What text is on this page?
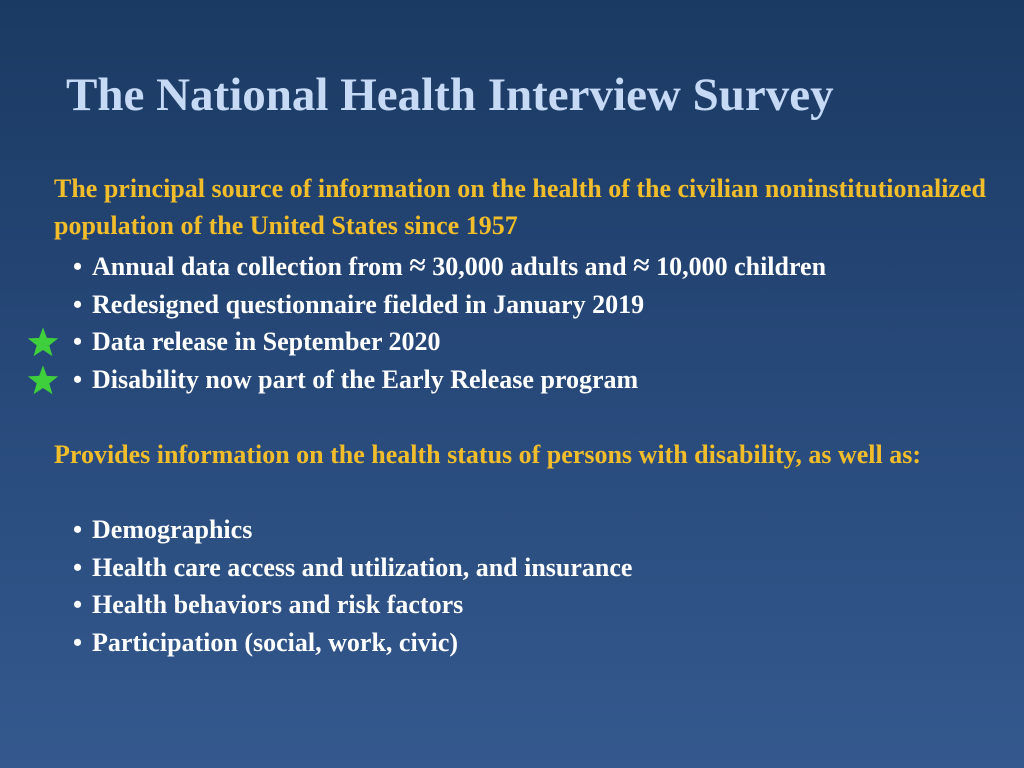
The National Health Interview Survey

The principal source of information on the health of the civilian noninstitutionalized population of the United States since 1957

• Annual data collection from ≈ 30,000 adults and ≈ 10,000 children
• Redesigned questionnaire fielded in January 2019
• Data release in September 2020
• Disability now part of the Early Release program

Provides information on the health status of persons with disability, as well as:

• Demographics
• Health care access and utilization, and insurance
• Health behaviors and risk factors
• Participation (social, work, civic)
